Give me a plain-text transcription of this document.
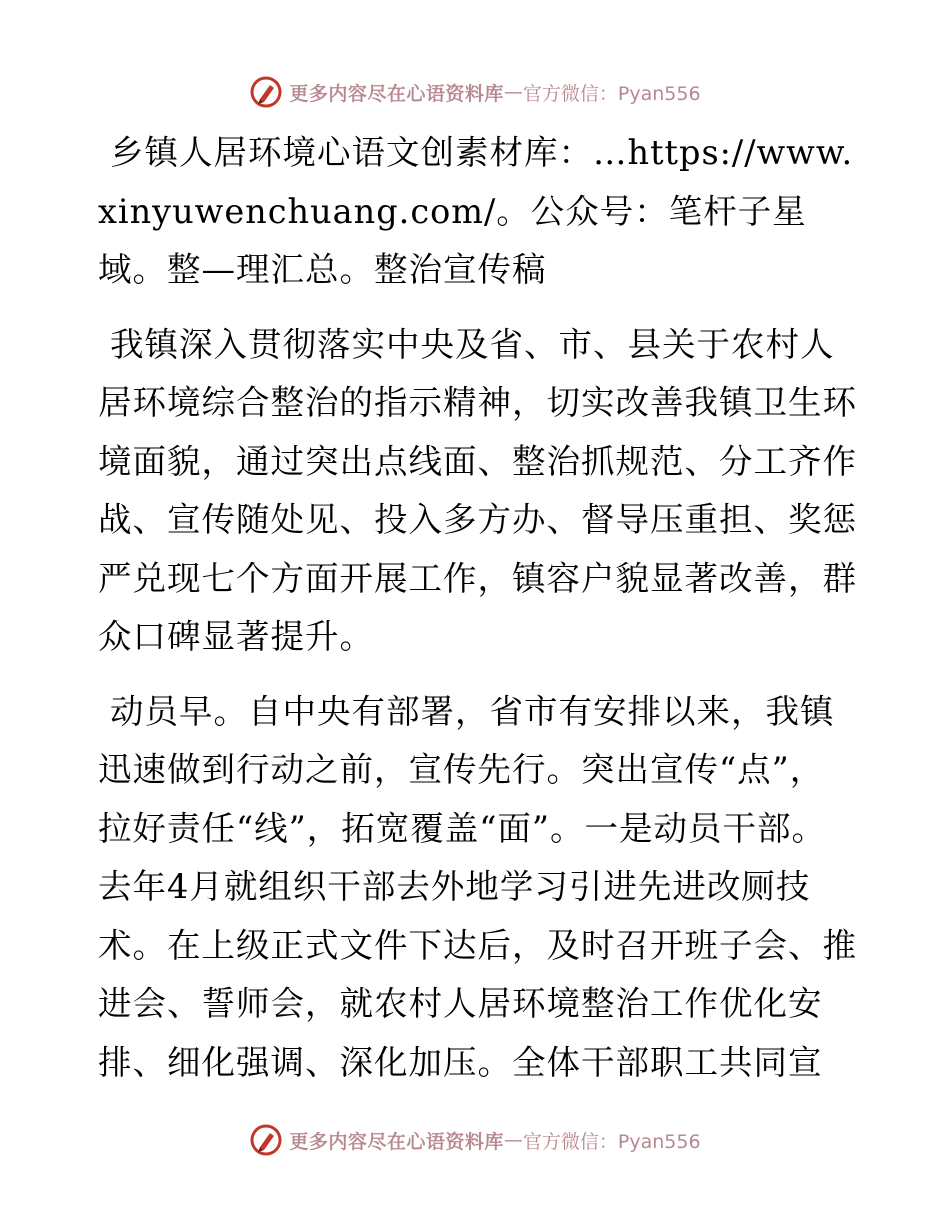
更多内容尽在心语资料库 — 官方微信：Pyan556

乡镇人居环境心语文创素材库：…https://www.xinyuwenchuang.com/。公众号：笔杆子星域。整—理汇总。整治宣传稿

我镇深入贯彻落实中央及省、市、县关于农村人居环境综合整治的指示精神，切实改善我镇卫生环境面貌，通过突出点线面、整治抓规范、分工齐作战、宣传随处见、投入多方办、督导压重担、奖惩严兑现七个方面开展工作，镇容户貌显著改善，群众口碑显著提升。

动员早。自中央有部署，省市有安排以来，我镇迅速做到行动之前，宣传先行。突出宣传“点”，拉好责任“线”，拓宽覆盖“面”。一是动员干部。去年4月就组织干部去外地学习引进先进改厕技术。在上级正式文件下达后，及时召开班子会、推进会、誓师会，就农村人居环境整治工作优化安排、细化强调、深化加压。全体干部职工共同宣

更多内容尽在心语资料库 — 官方微信：Pyan556
